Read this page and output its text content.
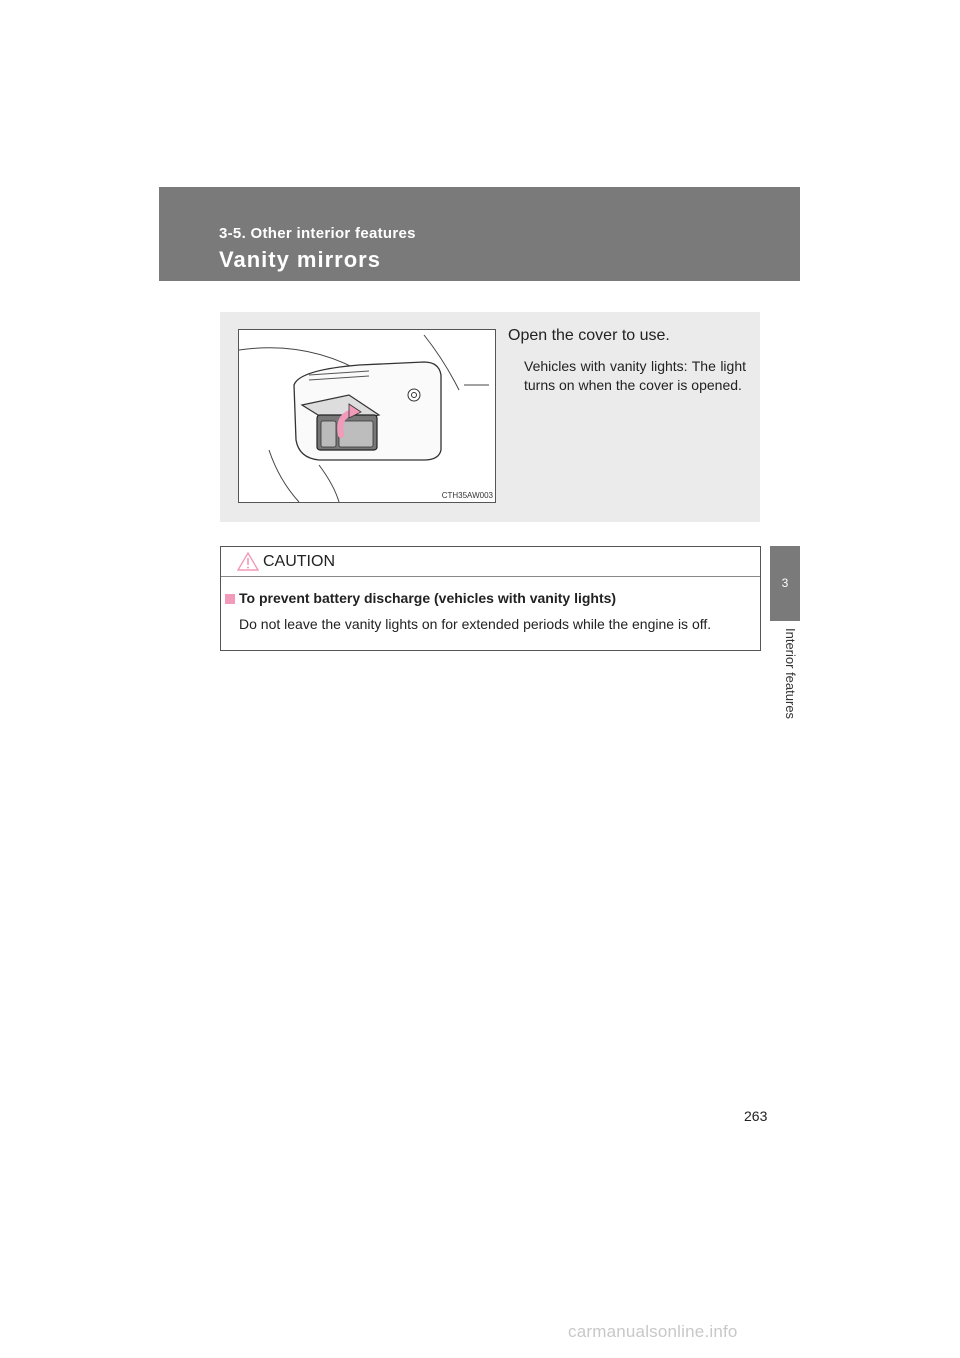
3-5. Other interior features
Vanity mirrors
3
Interior features
CTH35AW003
Open the cover to use.
Vehicles with vanity lights: The light turns on when the cover is opened.
CAUTION
To prevent battery discharge (vehicles with vanity lights)
Do not leave the vanity lights on for extended periods while the engine is off.
263
carmanualsonline.info
